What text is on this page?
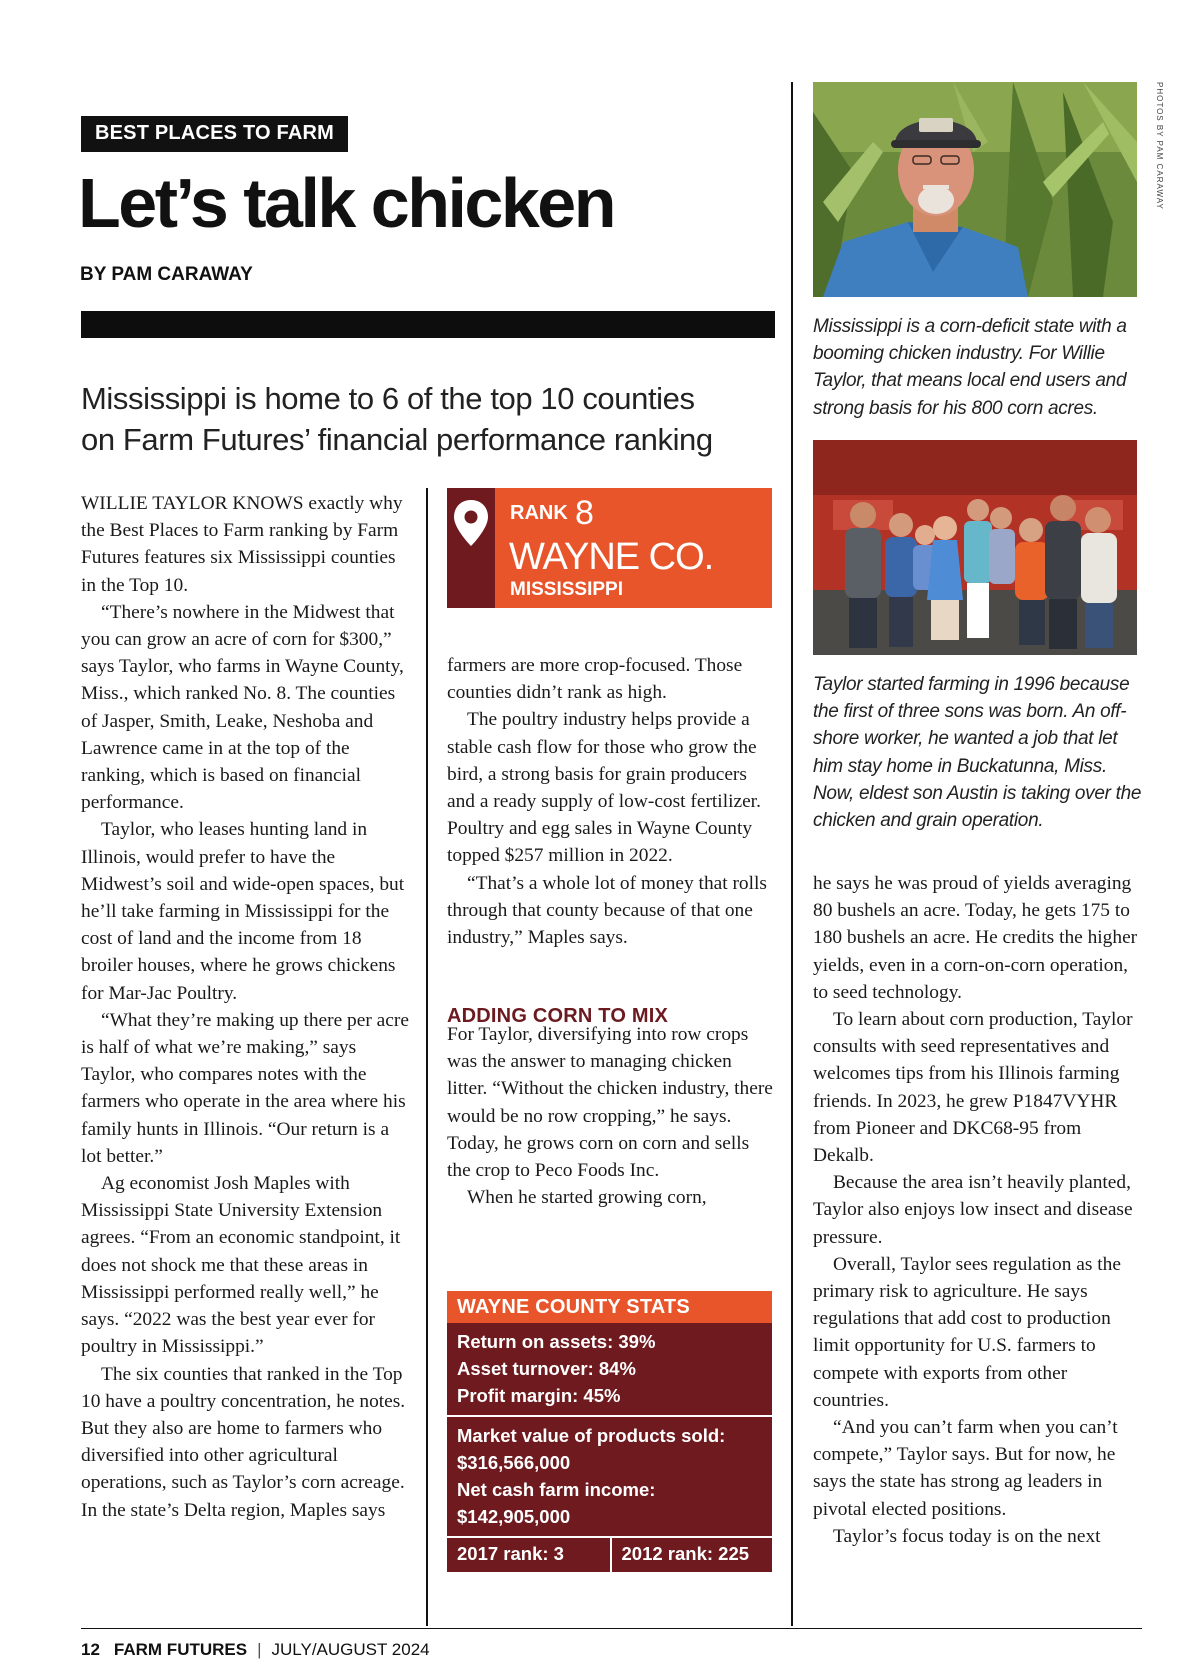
BEST PLACES TO FARM
Let’s talk chicken
BY PAM CARAWAY
Mississippi is home to 6 of the top 10 counties on Farm Futures’ financial performance ranking

WILLIE TAYLOR KNOWS exactly why the Best Places to Farm ranking by Farm Futures features six Mississippi counties in the Top 10.

“There’s nowhere in the Midwest that you can grow an acre of corn for $300,” says Taylor, who farms in Wayne County, Miss., which ranked No. 8. The counties of Jasper, Smith, Leake, Neshoba and Lawrence came in at the top of the ranking, which is based on financial performance.

Taylor, who leases hunting land in Illinois, would prefer to have the Midwest’s soil and wide-open spaces, but he’ll take farming in Mississippi for the cost of land and the income from 18 broiler houses, where he grows chickens for Mar-Jac Poultry.

“What they’re making up there per acre is half of what we’re making,” says Taylor, who compares notes with the farmers who operate in the area where his family hunts in Illinois. “Our return is a lot better.”

Ag economist Josh Maples with Mississippi State University Extension agrees. “From an economic standpoint, it does not shock me that these areas in Mississippi performed really well,” he says. “2022 was the best year ever for poultry in Mississippi.”

The six counties that ranked in the Top 10 have a poultry concentration, he notes. But they also are home to farmers who diversified into other agricultural operations, such as Taylor’s corn acreage. In the state’s Delta region, Maples says

RANK 8
WAYNE CO.
MISSISSIPPI

farmers are more crop-focused. Those counties didn’t rank as high.

The poultry industry helps provide a stable cash flow for those who grow the bird, a strong basis for grain producers and a ready supply of low-cost fertilizer. Poultry and egg sales in Wayne County topped $257 million in 2022.

“That’s a whole lot of money that rolls through that county because of that one industry,” Maples says.

ADDING CORN TO MIX

For Taylor, diversifying into row crops was the answer to managing chicken litter. “Without the chicken industry, there would be no row cropping,” he says. Today, he grows corn on corn and sells the crop to Peco Foods Inc.

When he started growing corn,

WAYNE COUNTY STATS
Return on assets: 39%
Asset turnover: 84%
Profit margin: 45%
Market value of products sold:
$316,566,000
Net cash farm income:
$142,905,000
2017 rank: 3	2012 rank: 225
PHOTOS BY PAM CARAWAY
Mississippi is a corn-deficit state with a booming chicken industry. For Willie Taylor, that means local end users and strong basis for his 800 corn acres.
Taylor started farming in 1996 because the first of three sons was born. An off-shore worker, he wanted a job that let him stay home in Buckatunna, Miss. Now, eldest son Austin is taking over the chicken and grain operation.

he says he was proud of yields averaging 80 bushels an acre. Today, he gets 175 to 180 bushels an acre. He credits the higher yields, even in a corn-on-corn operation, to seed technology.

To learn about corn production, Taylor consults with seed representatives and welcomes tips from his Illinois farming friends. In 2023, he grew P1847VYHR from Pioneer and DKC68-95 from Dekalb.

Because the area isn’t heavily planted, Taylor also enjoys low insect and disease pressure.

Overall, Taylor sees regulation as the primary risk to agriculture. He says regulations that add cost to production limit opportunity for U.S. farmers to compete with exports from other countries.

“And you can’t farm when you can’t compete,” Taylor says. But for now, he says the state has strong ag leaders in pivotal elected positions.

Taylor’s focus today is on the next

12 FARM FUTURES | JULY/AUGUST 2024
